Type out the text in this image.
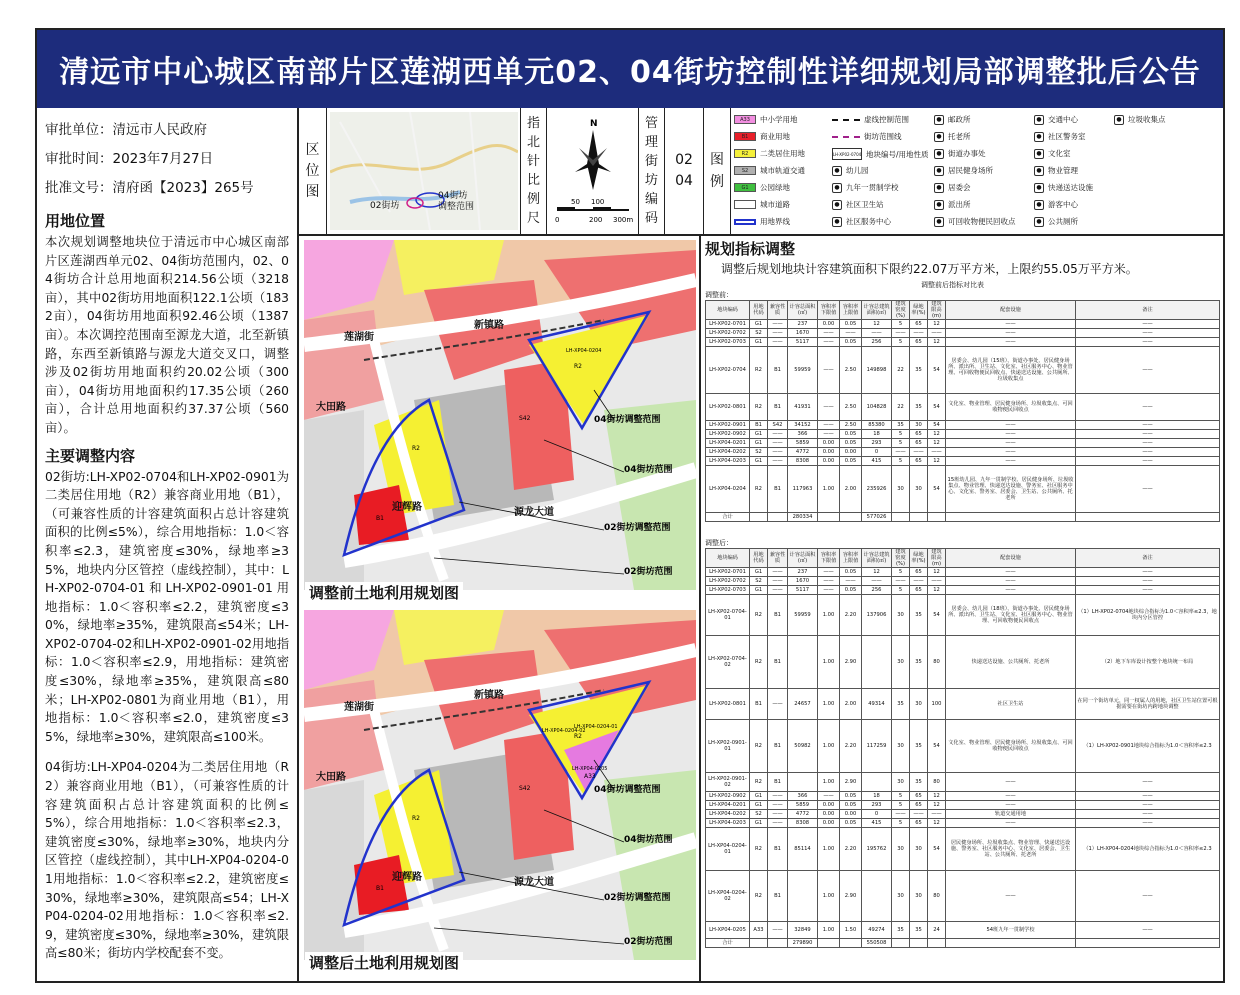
清远市中心城区南部片区莲湖西单元02、04街坊控制性详细规划局部调整批后公告
审批单位：清远市人民政府
审批时间：2023年7月27日
批准文号：清府函【2023】265号
用地位置
本次规划调整地块位于清远市中心城区南部片区莲湖西单元02、04街坊范围内，02、04街坊合计总用地面积214.56公顷（3218亩），其中02街坊用地面积122.1公顷（1832亩），04街坊用地面积92.46公顷（1387亩）。本次调控范围南至源龙大道，北至新镇路，东西至新镇路与源龙大道交叉口，调整涉及02街坊用地面积约20.02公顷（300亩），04街坊用地面积约17.35公顷（260亩），合计总用地面积约37.37公顷（560亩）。
主要调整内容
02街坊:LH-XP02-0704和LH-XP02-0901为二类居住用地（R2）兼容商业用地（B1），（可兼容性质的计容建筑面积占总计容建筑面积的比例≤5%），综合用地指标：1.0＜容积率≤2.3，建筑密度≤30%，绿地率≥35%，地块内分区管控（虚线控制），其中：LH-XP02-0704-01和LH-XP02-0901-01用地指标：1.0＜容积率≤2.2，建筑密度≤30%，绿地率≥35%，建筑限高≤54米；LH-XP02-0704-02和LH-XP02-0901-02用地指标：1.0＜容积率≤2.9，用地指标：建筑密度≤30%，绿地率≥35%，建筑限高≤80米；LH-XP02-0801为商业用地（B1），用地指标：1.0＜容积率≤2.0，建筑密度≤35%，绿地率≥30%，建筑限高≤100米。
04街坊:LH-XP04-0204为二类居住用地（R2）兼容商业用地（B1），（可兼容性质的计容建筑面积占总计容建筑面积的比例≤5%），综合用地指标：1.0＜容积率≤2.3，建筑密度≤30%，绿地率≥30%，地块内分区管控（虚线控制），其中LH-XP04-0204-01用地指标：1.0＜容积率≤2.2，建筑密度≤30%，绿地率≥30%，建筑限高≤54；LH-XP04-0204-02用地指标：1.0＜容积率≤2.9，建筑密度≤30%，绿地率≥30%，建筑限高≤80米；街坊内学校配套不变。
区
位
图
02街坊
04街坊
调整范围
指
北
针
比
例
尺
N
0
50 100
200 300m
管
理
街
坊
编
码
02
04
图
例
A33	中小学用地
B1	商业用地
R2	二类居住用地
S2	城市轨道交通
G1	公园绿地
城市道路
用地界线
虚线控制范围
街坊范围线
LH-XP02-0704 地块编号/用地性质
● 幼儿园
● 九年一贯制学校
● 社区卫生站
● 社区服务中心
● 邮政所
● 托老所
● 街道办事处
● 居民健身场所
● 居委会
● 派出所
● 可回收物便民回收点
● 交通中心
● 社区警务室
● 文化室
● 物业管理
● 快递送达设施
● 游客中心
● 公共厕所
● 垃圾收集点
新镇路
迎辉路	源龙大道
莲湖街
大田路
04街坊调整范围
04街坊范围
02街坊调整范围
02街坊范围
LH-XP04-0204
R2
R2
B1
S42
调整前土地利用规划图
新镇路
迎辉路	源龙大道
莲湖街
大田路
04街坊调整范围
04街坊范围
02街坊调整范围
02街坊范围
LH-XP04-0204-02
LH-XP04-0204-01
LH-XP04-0205
A33
R2
R2
B1
S42
调整后土地利用规划图
规划指标调整
调整后规划地块计容建筑面积下限约22.07万平方米，上限约55.05万平方米。
调整前后指标对比表
调整前：
地块编码	用地代码	兼容性质	计容总面积(㎡)	容积率下限值	容积率上限值	计容总建筑面积(㎡)	建筑密度(%)	绿地率(%)	建筑限高(m)	配套设施	备注
LH-XP02-0701	G1	——	237	0.00	0.05	12	5	65	12	——	——
LH-XP02-0702	S2	——	1670	——	——	——	——	——	——	——	——
LH-XP02-0703	G1	——	5117	——	0.05	256	5	65	12	——	——
LH-XP02-0704	R2	B1	59959	——	2.50	149898	22	35	54	居委会、幼儿园（15班）、街道办事处、居民健身场所、派出所、卫生站、文化室、社区服务中心、物业管理、可回收物便民回收点、快递送达设施、公共厕所、垃圾收集点	——
LH-XP02-0801	R2	B1	41931	——	2.50	104828	22	35	54	文化室、物业管理、居民健身场所、垃圾收集点、可回收物便民回收点	——
LH-XP02-0901	B1	S42	34152	——	2.50	85380	35	30	54	——	——
LH-XP02-0902	G1	——	366	——	0.05	18	5	65	12	——	——
LH-XP04-0201	G1	——	5859	0.00	0.05	293	5	65	12	——	——
LH-XP04-0202	S2	——	4772	0.00	0.00	0	——	——	——	——	——
LH-XP04-0203	G1	——	8308	0.00	0.05	415	5	65	12	——	——
LH-XP04-0204	R2	B1	117963	1.00	2.00	235926	30	30	54	15班幼儿园、九年一贯制学校、居民健身场所、垃圾收集点、物业管理、快递送达设施、警务室、社区服务中心、文化室、警务室、居委会、卫生站、公共厕所、托老所	——
合计			280334			577026					
调整后：
地块编码	用地代码	兼容性质	计容总面积(㎡)	容积率下限值	容积率上限值	计容总建筑面积(㎡)	建筑密度(%)	绿地率(%)	建筑限高(m)	配套设施	备注
LH-XP02-0701	G1	——	237	——	0.05	12	5	65	12	——	——
LH-XP02-0702	S2	——	1670	——	——	——	——	——	——	——	——
LH-XP02-0703	G1	——	5117	——	0.05	256	5	65	12	——	——
LH-XP02-0704-01	R2	B1	59959	1.00	2.20	137906	30	35	54	居委会、幼儿园（18班）、街道办事处、居民健身场所、派出所、卫生站、文化室、社区服务中心、物业管理、可回收物便民回收点	（1）LH-XP02-0704地块综合指标为1.0＜容积率≤2.3，地块内分区管控
LH-XP02-0704-02	R2	B1		1.00	2.90		30	35	80	快递送达设施、公共厕所、托老所	（2）地下车库设计按整个地块统一布局
LH-XP02-0801	B1	——	24657	1.00	2.00	49314	35	30	100	社区卫生站	在同一个街坊单元，同一权属人的用地，社区卫生站位置可根据需要在街坊内跨地块调整
LH-XP02-0901-01	R2	B1	50982	1.00	2.20	117259	30	35	54	文化室、物业管理、居民健身场所、垃圾收集点、可回收物便民回收点	（1）LH-XP02-0901地块综合指标为1.0＜容积率≤2.3
LH-XP02-0901-02	R2	B1		1.00	2.90		30	35	80	——	——
LH-XP02-0902	G1	——	366	——	0.05	18	5	65	12	——	——
LH-XP04-0201	G1	——	5859	0.00	0.05	293	5	65	12	——	——
LH-XP04-0202	S2	——	4772	0.00	0.00	0	——	——	——	轨道交通用地	——
LH-XP04-0203	G1	——	8308	0.00	0.05	415	5	65	12	——	——
LH-XP04-0204-01	R2	B1	85114	1.00	2.20	195762	30	30	54	居民健身场所、垃圾收集点、物业管理、快递送达设施、警务室、社区服务中心、文化室、居委会、卫生站、公共厕所、托老所	（1）LH-XP04-0204地块综合指标为1.0＜容积率≤2.3
LH-XP04-0204-02	R2	B1		1.00	2.90		30	30	80	——	——
LH-XP04-0205	A33	——	32849	1.00	1.50	49274	35	35	24	54班九年一贯制学校	——
合计			279890			550508					
